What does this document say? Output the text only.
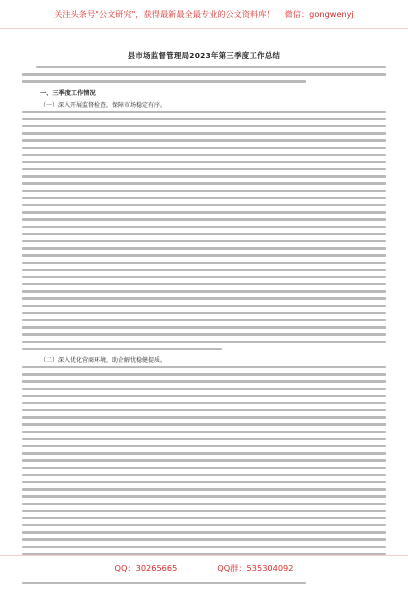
关注头条号"公文研究"，获得最新最全最专业的公文资料库！ 微信：gongwenyj
县市场监督管理局2023年第三季度工作总结
一、三季度工作情况
（一）深入开展监督检查，保障市场稳定有序。
（二）深入优化营商环境，助企解忧稳健提质。
QQ：30265665	QQ群：535304092
